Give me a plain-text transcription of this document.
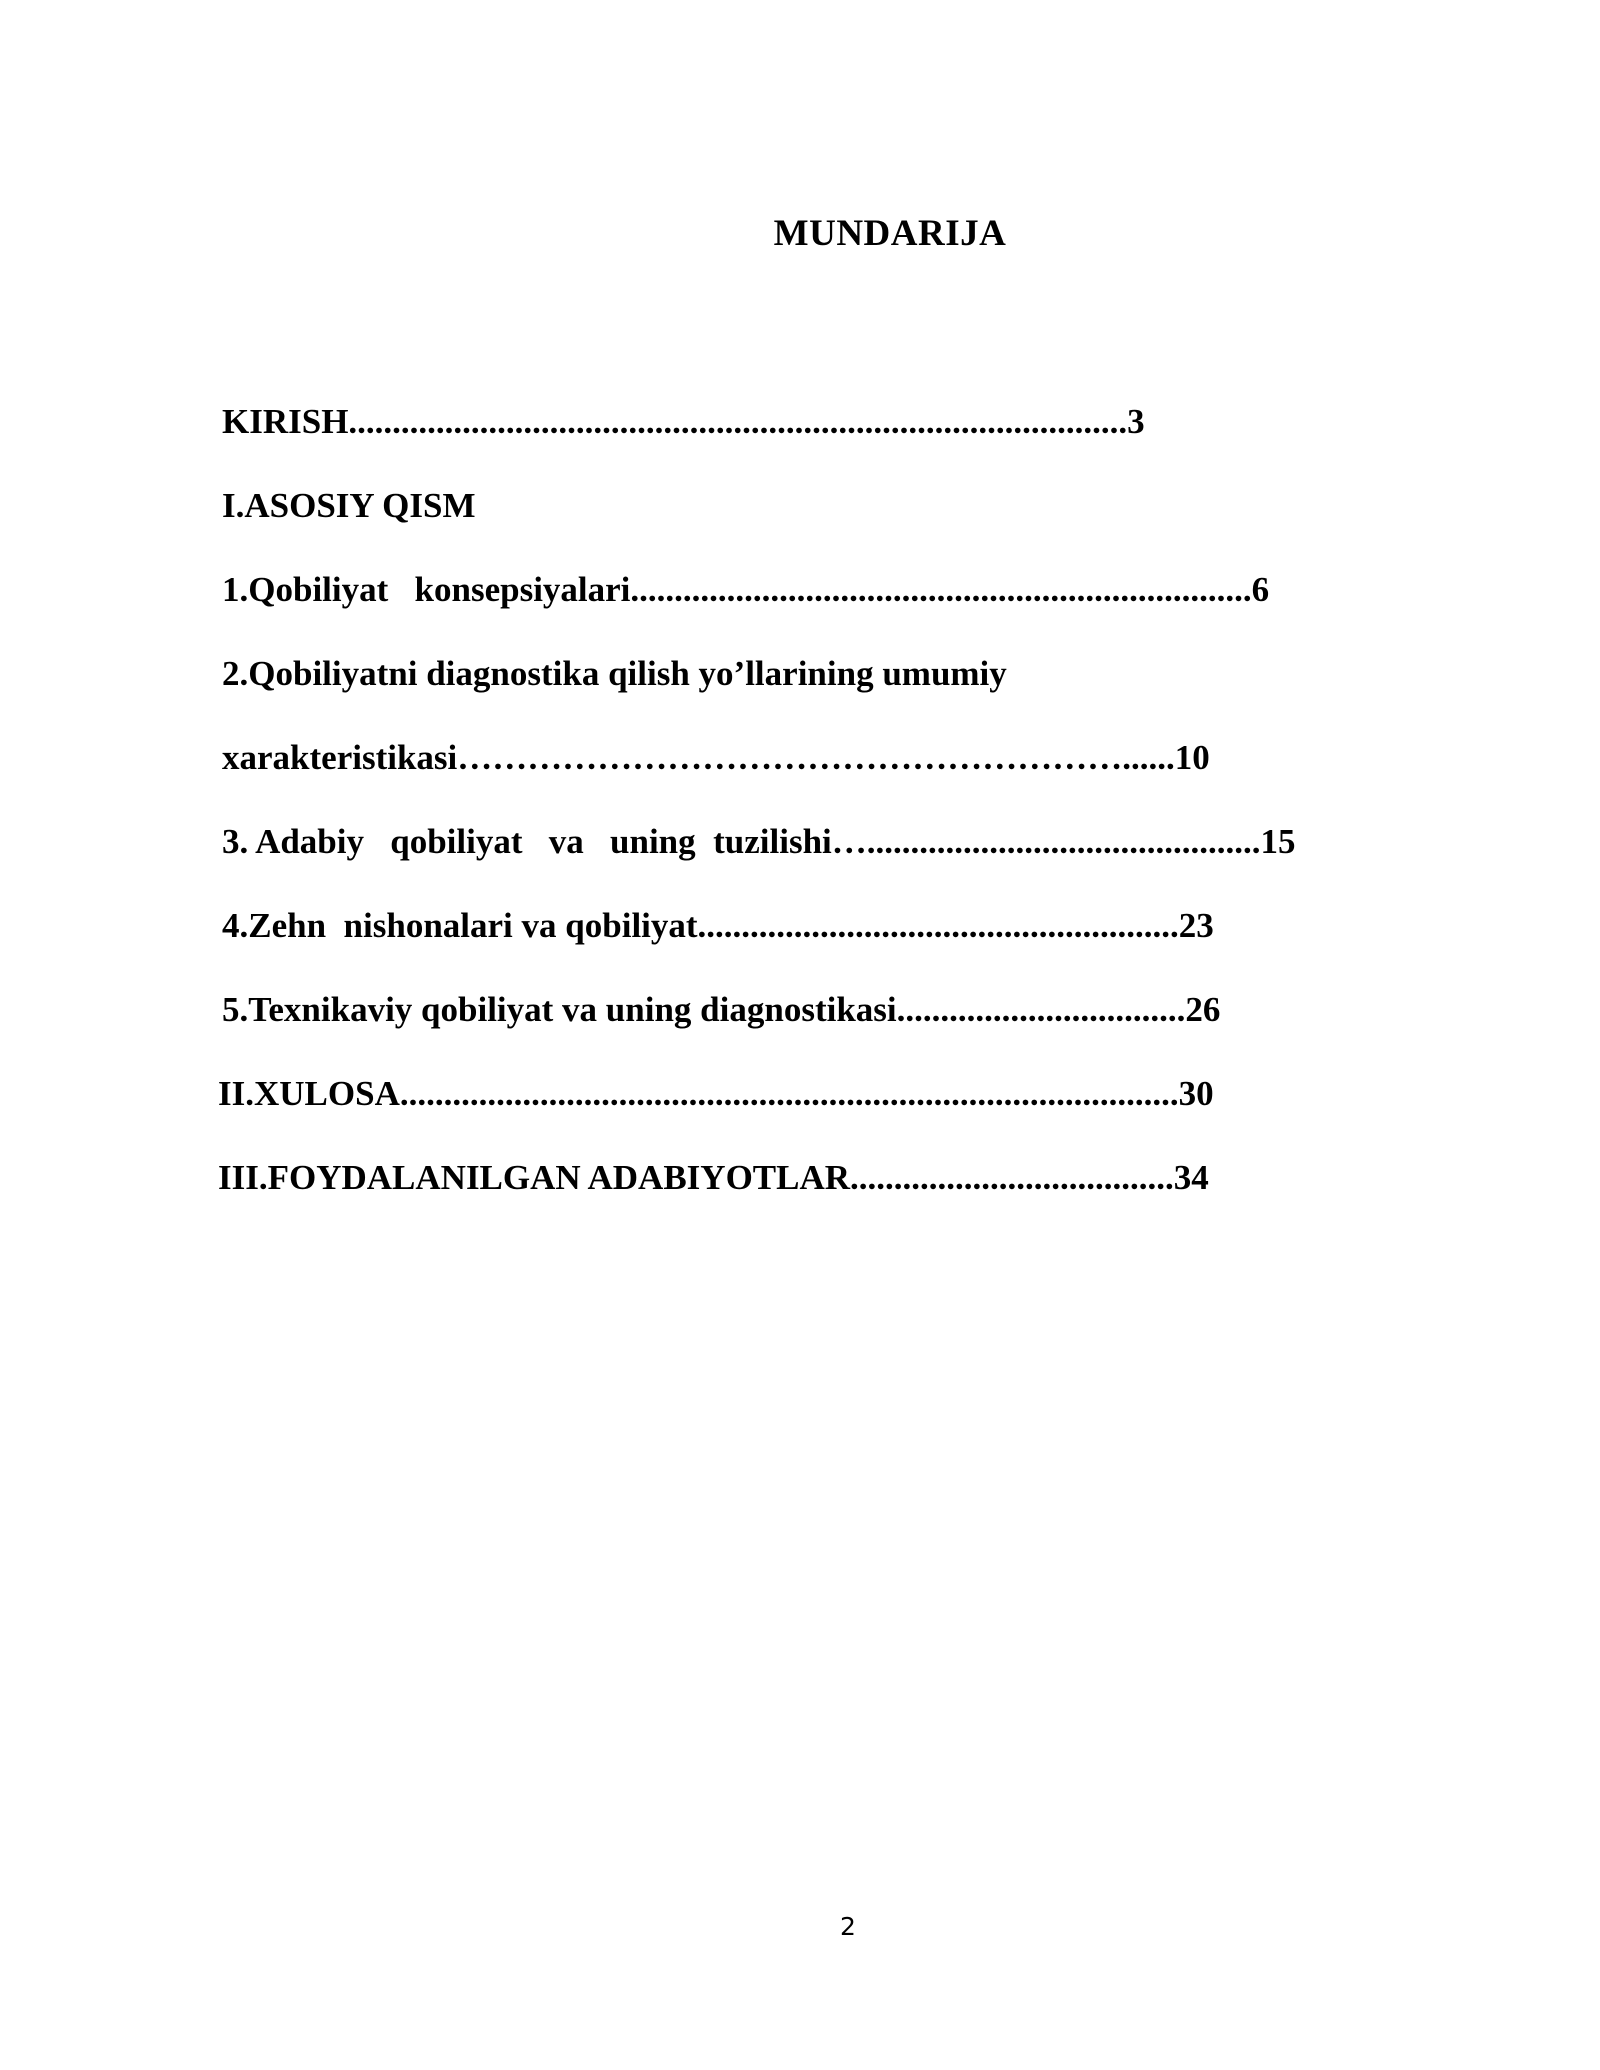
MUNDARIJA
KIRISH.........................................................................................3
I.ASOSIY QISM
1.Qobiliyat   konsepsiyalari.......................................................................6
2.Qobiliyatni diagnostika qilish yo’llarining umumiy
xarakteristikasi…………………………………………………......10
3. Adabiy   qobiliyat   va   uning  tuzilishi….............................................15
4.Zehn  nishonalari va qobiliyat.......................................................23
5.Texnikaviy qobiliyat va uning diagnostikasi.................................26
II.XULOSA.........................................................................................30
III.FOYDALANILGAN ADABIYOTLAR.....................................34
2
